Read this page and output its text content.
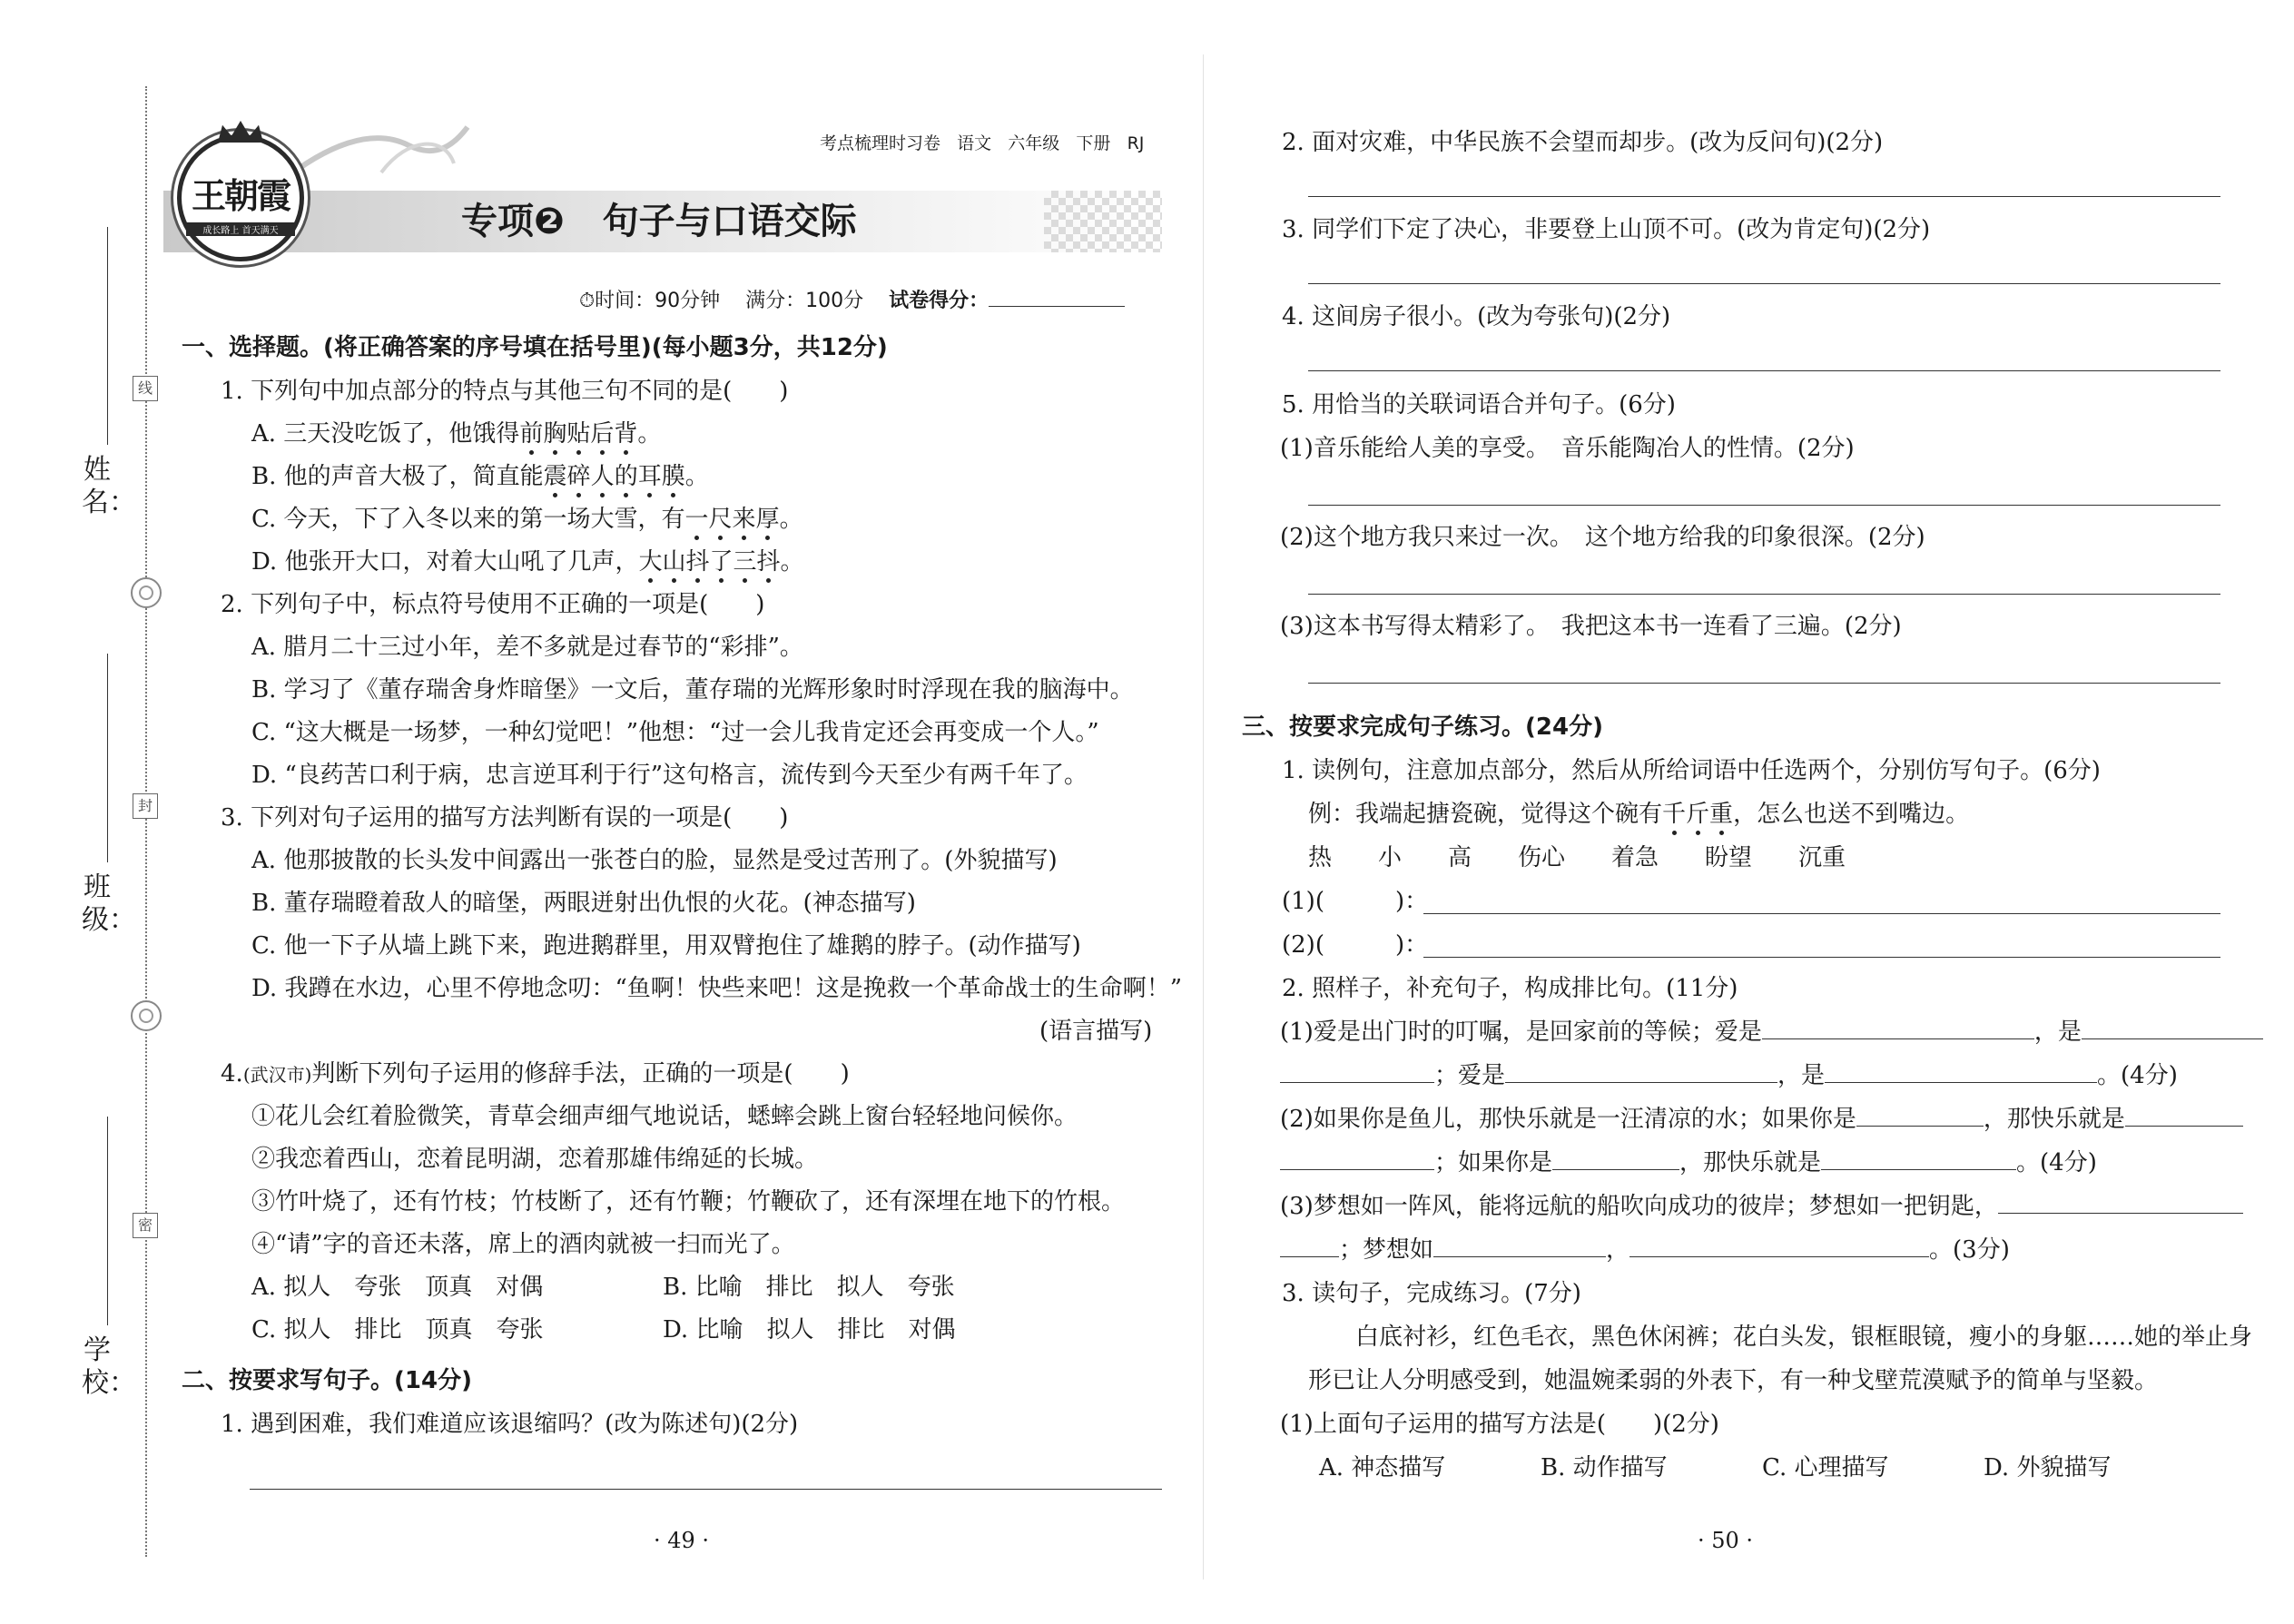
姓名：
班级：
学校：
线
封
密
王朝霞
成长路上 首天满天
考点梳理时习卷 语文 六年级 下册 RJ
专项❷ 句子与口语交际
⏱时间：90分钟 满分：100分 试卷得分：
一、选择题。(将正确答案的序号填在括号里)(每小题3分，共12分)
1. 下列句中加点部分的特点与其他三句不同的是(　　)
A. 三天没吃饭了，他饿得前胸贴后背。
B. 他的声音大极了，简直能震碎人的耳膜。
C. 今天，下了入冬以来的第一场大雪，有一尺来厚。
D. 他张开大口，对着大山吼了几声，大山抖了三抖。
2. 下列句子中，标点符号使用不正确的一项是(　　)
A. 腊月二十三过小年，差不多就是过春节的“彩排”。
B. 学习了《董存瑞舍身炸暗堡》一文后，董存瑞的光辉形象时时浮现在我的脑海中。
C. “这大概是一场梦，一种幻觉吧！”他想：“过一会儿我肯定还会再变成一个人。”
D. “良药苦口利于病，忠言逆耳利于行”这句格言，流传到今天至少有两千年了。
3. 下列对句子运用的描写方法判断有误的一项是(　　)
A. 他那披散的长头发中间露出一张苍白的脸，显然是受过苦刑了。(外貌描写)
B. 董存瑞瞪着敌人的暗堡，两眼迸射出仇恨的火花。(神态描写)
C. 他一下子从墙上跳下来，跑进鹅群里，用双臂抱住了雄鹅的脖子。(动作描写)
D. 我蹲在水边，心里不停地念叨：“鱼啊！快些来吧！这是挽救一个革命战士的生命啊！”
(语言描写)
4.(武汉市)判断下列句子运用的修辞手法，正确的一项是(　　)
①花儿会红着脸微笑，青草会细声细气地说话，蟋蟀会跳上窗台轻轻地问候你。
②我恋着西山，恋着昆明湖，恋着那雄伟绵延的长城。
③竹叶烧了，还有竹枝；竹枝断了，还有竹鞭；竹鞭砍了，还有深埋在地下的竹根。
④“请”字的音还未落，席上的酒肉就被一扫而光了。
A. 拟人　夸张　顶真　对偶	B. 比喻　排比　拟人　夸张
C. 拟人　排比　顶真　夸张	D. 比喻　拟人　排比　对偶
二、按要求写句子。(14分)
1. 遇到困难，我们难道应该退缩吗？(改为陈述句)(2分)
· 49 ·
2. 面对灾难，中华民族不会望而却步。(改为反问句)(2分)
3. 同学们下定了决心，非要登上山顶不可。(改为肯定句)(2分)
4. 这间房子很小。(改为夸张句)(2分)
5. 用恰当的关联词语合并句子。(6分)
(1)音乐能给人美的享受。　音乐能陶冶人的性情。(2分)
(2)这个地方我只来过一次。　这个地方给我的印象很深。(2分)
(3)这本书写得太精彩了。　我把这本书一连看了三遍。(2分)
三、按要求完成句子练习。(24分)
1. 读例句，注意加点部分，然后从所给词语中任选两个，分别仿写句子。(6分)
例：我端起搪瓷碗，觉得这个碗有千斤重，怎么也送不到嘴边。
热 小 高 伤心 着急 盼望 沉重
(1)(　　　)：
(2)(　　　)：
2. 照样子，补充句子，构成排比句。(11分)
(1)爱是出门时的叮嘱，是回家前的等候；爱是	，是
；爱是	，是	。(4分)
(2)如果你是鱼儿，那快乐就是一汪清凉的水；如果你是	，那快乐就是
；如果你是	，那快乐就是	。(4分)
(3)梦想如一阵风，能将远航的船吹向成功的彼岸；梦想如一把钥匙，
；梦想如	，	。(3分)
3. 读句子，完成练习。(7分)
白底衬衫，红色毛衣，黑色休闲裤；花白头发，银框眼镜，瘦小的身躯……她的举止身
形已让人分明感受到，她温婉柔弱的外表下，有一种戈壁荒漠赋予的简单与坚毅。
(1)上面句子运用的描写方法是(　　)(2分)
A. 神态描写	B. 动作描写	C. 心理描写	D. 外貌描写
· 50 ·
